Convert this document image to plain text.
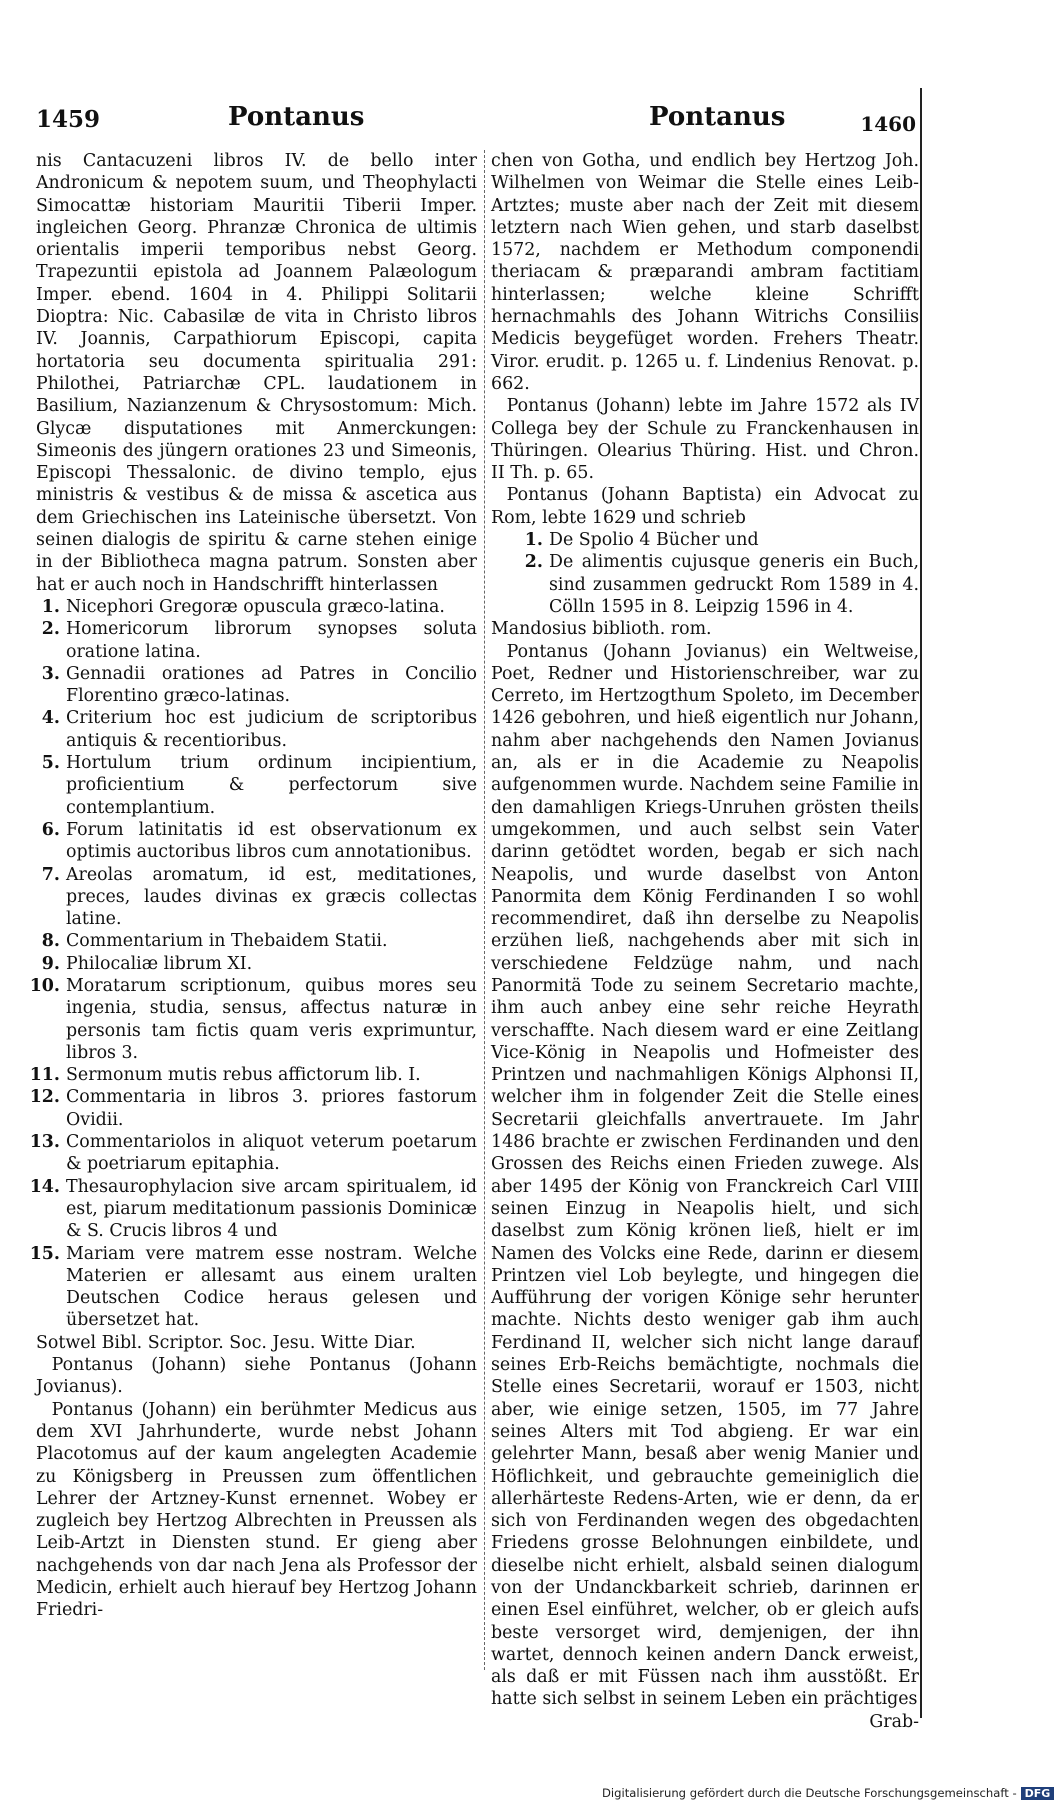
1459	Pontanus	Pontanus	1460

nis Cantacuzeni libros IV. de bello inter Andronicum & nepotem suum, und Theophylacti Simocattæ historiam Mauritii Tiberii Imper. ingleichen Georg. Phranzæ Chronica de ultimis orientalis imperii temporibus nebst Georg. Trapezuntii epistola ad Joannem Palæologum Imper. ebend. 1604 in 4. Philippi Solitarii Dioptra: Nic. Cabasilæ de vita in Christo libros IV. Joannis, Carpathiorum Episcopi, capita hortatoria seu documenta spiritualia 291: Philothei, Patriarchæ CPL. laudationem in Basilium, Nazianzenum & Chrysostomum: Mich. Glycæ disputationes mit Anmerckungen: Simeonis des jüngern orationes 23 und Simeonis, Episcopi Thessalonic. de divino templo, ejus ministris & vestibus & de missa & ascetica aus dem Griechischen ins Lateinische übersetzt. Von seinen dialogis de spiritu & carne stehen einige in der Bibliotheca magna patrum. Sonsten aber hat er auch noch in Handschrifft hinterlassen

1. Nicephori Gregoræ opuscula græco-latina.
2. Homericorum librorum synopses soluta oratione latina.
3. Gennadii orationes ad Patres in Concilio Florentino græco-latinas.
4. Criterium hoc est judicium de scriptoribus antiquis & recentioribus.
5. Hortulum trium ordinum incipientium, proficientium & perfectorum sive contemplantium.
6. Forum latinitatis id est observationum ex optimis auctoribus libros cum annotationibus.
7. Areolas aromatum, id est, meditationes, preces, laudes divinas ex græcis collectas latine.
8. Commentarium in Thebaidem Statii.
9. Philocaliæ librum XI.
10. Moratarum scriptionum, quibus mores seu ingenia, studia, sensus, affectus naturæ in personis tam fictis quam veris exprimuntur, libros 3.
11. Sermonum mutis rebus affictorum lib. I.
12. Commentaria in libros 3. priores fastorum Ovidii.
13. Commentariolos in aliquot veterum poetarum & poetriarum epitaphia.
14. Thesaurophylacion sive arcam spiritualem, id est, piarum meditationum passionis Dominicæ & S. Crucis libros 4 und
15. Mariam vere matrem esse nostram. Welche Materien er allesamt aus einem uralten Deutschen Codice heraus gelesen und übersetzet hat.

Sotwel Bibl. Scriptor. Soc. Jesu. Witte Diar.

Pontanus (Johann) siehe Pontanus (Johann Jovianus).

Pontanus (Johann) ein berühmter Medicus aus dem XVI Jahrhunderte, wurde nebst Johann Placotomus auf der kaum angelegten Academie zu Königsberg in Preussen zum öffentlichen Lehrer der Artzney-Kunst ernennet. Wobey er zugleich bey Hertzog Albrechten in Preussen als Leib-Artzt in Diensten stund. Er gieng aber nachgehends von dar nach Jena als Professor der Medicin, erhielt auch hierauf bey Hertzog Johann Friedri-

chen von Gotha, und endlich bey Hertzog Joh. Wilhelmen von Weimar die Stelle eines Leib-Artztes; muste aber nach der Zeit mit diesem letztern nach Wien gehen, und starb daselbst 1572, nachdem er Methodum componendi theriacam & præparandi ambram factitiam hinterlassen; welche kleine Schrifft hernachmahls des Johann Witrichs Consiliis Medicis beygefüget worden. Frehers Theatr. Viror. erudit. p. 1265 u. f. Lindenius Renovat. p. 662.

Pontanus (Johann) lebte im Jahre 1572 als IV Collega bey der Schule zu Franckenhausen in Thüringen. Olearius Thüring. Hist. und Chron. II Th. p. 65.

Pontanus (Johann Baptista) ein Advocat zu Rom, lebte 1629 und schrieb

1. De Spolio 4 Bücher und
2. De alimentis cujusque generis ein Buch, sind zusammen gedruckt Rom 1589 in 4. Cölln 1595 in 8. Leipzig 1596 in 4.

Mandosius biblioth. rom.

Pontanus (Johann Jovianus) ein Weltweise, Poet, Redner und Historienschreiber, war zu Cerreto, im Hertzogthum Spoleto, im December 1426 gebohren, und hieß eigentlich nur Johann, nahm aber nachgehends den Namen Jovianus an, als er in die Academie zu Neapolis aufgenommen wurde. Nachdem seine Familie in den damahligen Kriegs-Unruhen grösten theils umgekommen, und auch selbst sein Vater darinn getödtet worden, begab er sich nach Neapolis, und wurde daselbst von Anton Panormita dem König Ferdinanden I so wohl recommendiret, daß ihn derselbe zu Neapolis erzühen ließ, nachgehends aber mit sich in verschiedene Feldzüge nahm, und nach Panormitä Tode zu seinem Secretario machte, ihm auch anbey eine sehr reiche Heyrath verschaffte. Nach diesem ward er eine Zeitlang Vice-König in Neapolis und Hofmeister des Printzen und nachmahligen Königs Alphonsi II, welcher ihm in folgender Zeit die Stelle eines Secretarii gleichfalls anvertrauete. Im Jahr 1486 brachte er zwischen Ferdinanden und den Grossen des Reichs einen Frieden zuwege. Als aber 1495 der König von Franckreich Carl VIII seinen Einzug in Neapolis hielt, und sich daselbst zum König krönen ließ, hielt er im Namen des Volcks eine Rede, darinn er diesem Printzen viel Lob beylegte, und hingegen die Aufführung der vorigen Könige sehr herunter machte. Nichts desto weniger gab ihm auch Ferdinand II, welcher sich nicht lange darauf seines Erb-Reichs bemächtigte, nochmals die Stelle eines Secretarii, worauf er 1503, nicht aber, wie einige setzen, 1505, im 77 Jahre seines Alters mit Tod abgieng. Er war ein gelehrter Mann, besaß aber wenig Manier und Höflichkeit, und gebrauchte gemeiniglich die allerhärteste Redens-Arten, wie er denn, da er sich von Ferdinanden wegen des obgedachten Friedens grosse Belohnungen einbildete, und dieselbe nicht erhielt, alsbald seinen dialogum von der Undanckbarkeit schrieb, darinnen er einen Esel einführet, welcher, ob er gleich aufs beste versorget wird, demjenigen, der ihn wartet, dennoch keinen andern Danck erweist, als daß er mit Füssen nach ihm ausstößt. Er hatte sich selbst in seinem Leben ein prächtiges

Grab-

Digitalisierung gefördert durch die Deutsche Forschungsgemeinschaft - DFG
